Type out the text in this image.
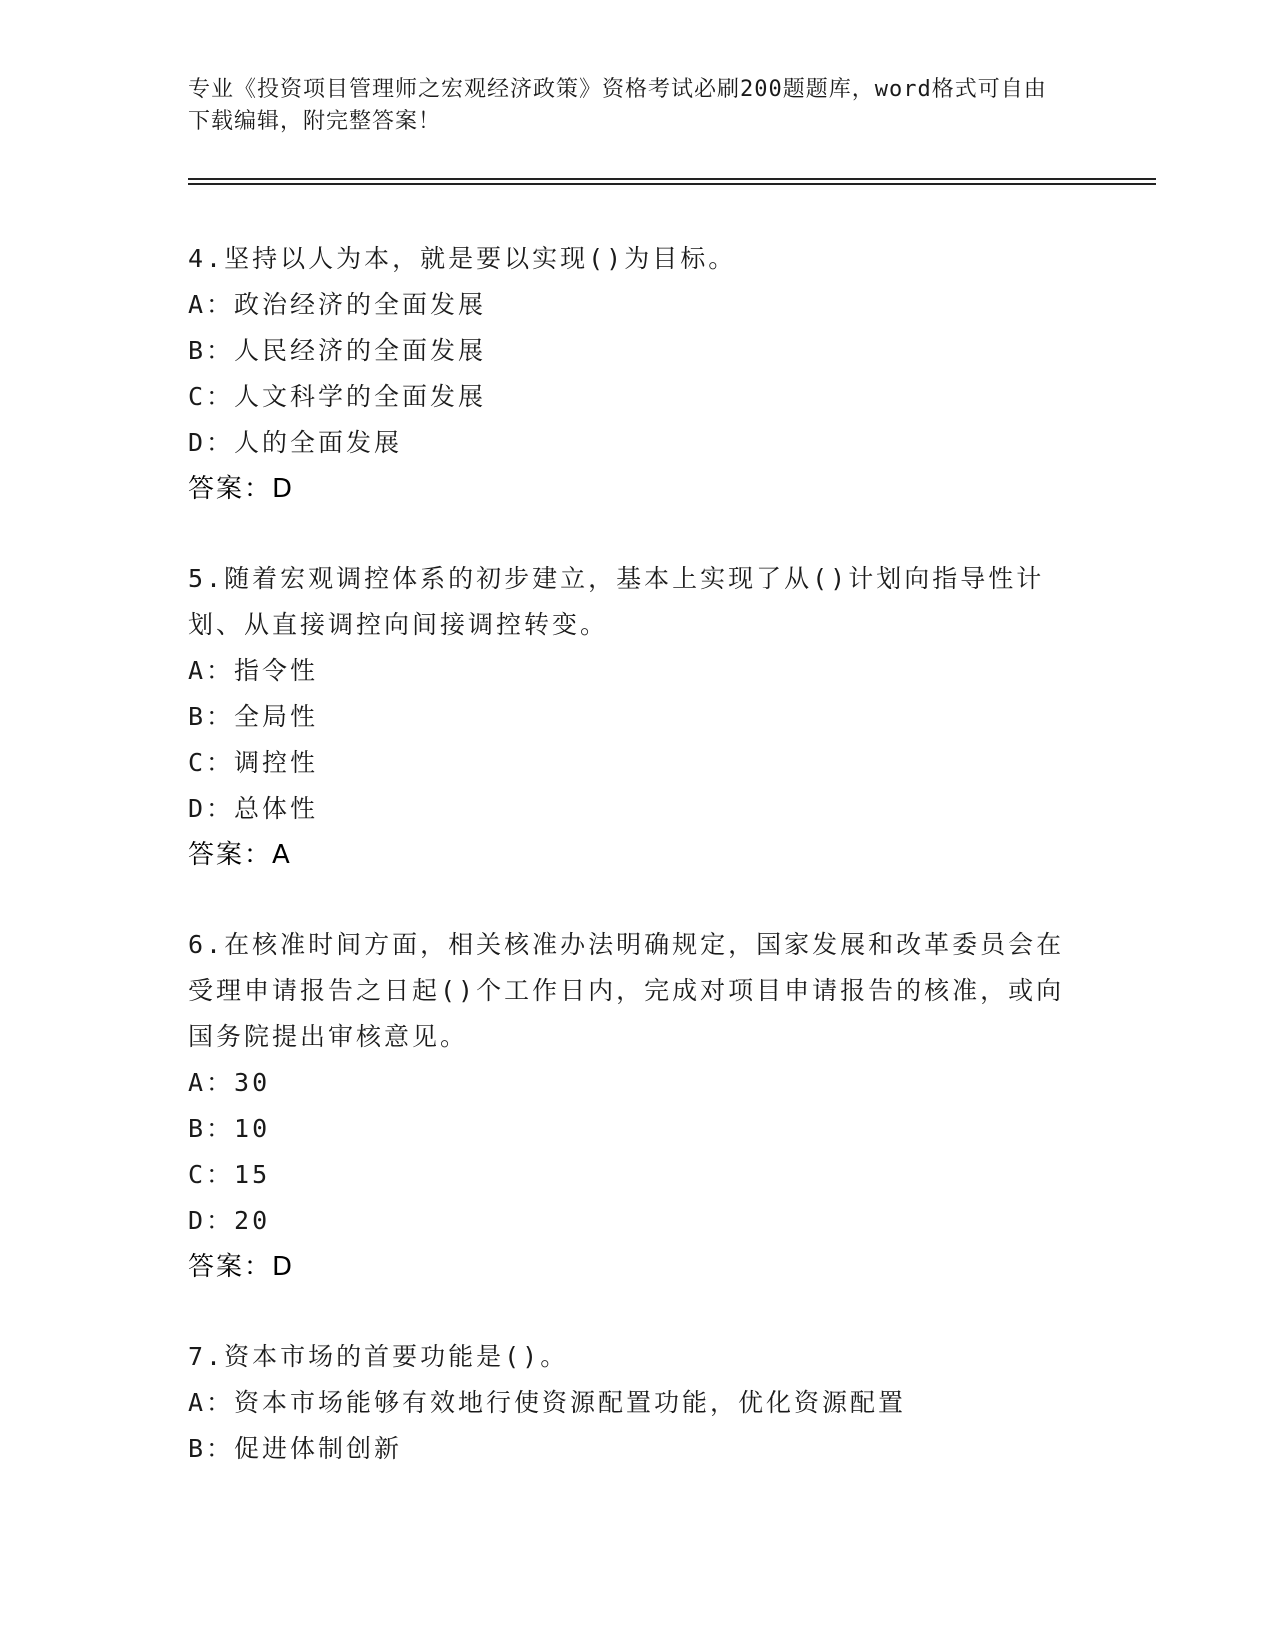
专业《投资项目管理师之宏观经济政策》资格考试必刷200题题库，word格式可自由下载编辑，附完整答案！

4.坚持以人为本，就是要以实现()为目标。

A：政治经济的全面发展

B：人民经济的全面发展

C：人文科学的全面发展

D：人的全面发展

答案：D

5.随着宏观调控体系的初步建立，基本上实现了从()计划向指导性计划、从直接调控向间接调控转变。

A：指令性

B：全局性

C：调控性

D：总体性

答案：A

6.在核准时间方面，相关核准办法明确规定，国家发展和改革委员会在受理申请报告之日起()个工作日内，完成对项目申请报告的核准，或向国务院提出审核意见。

A：30

B：10

C：15

D：20

答案：D

7.资本市场的首要功能是()。

A：资本市场能够有效地行使资源配置功能，优化资源配置

B：促进体制创新
